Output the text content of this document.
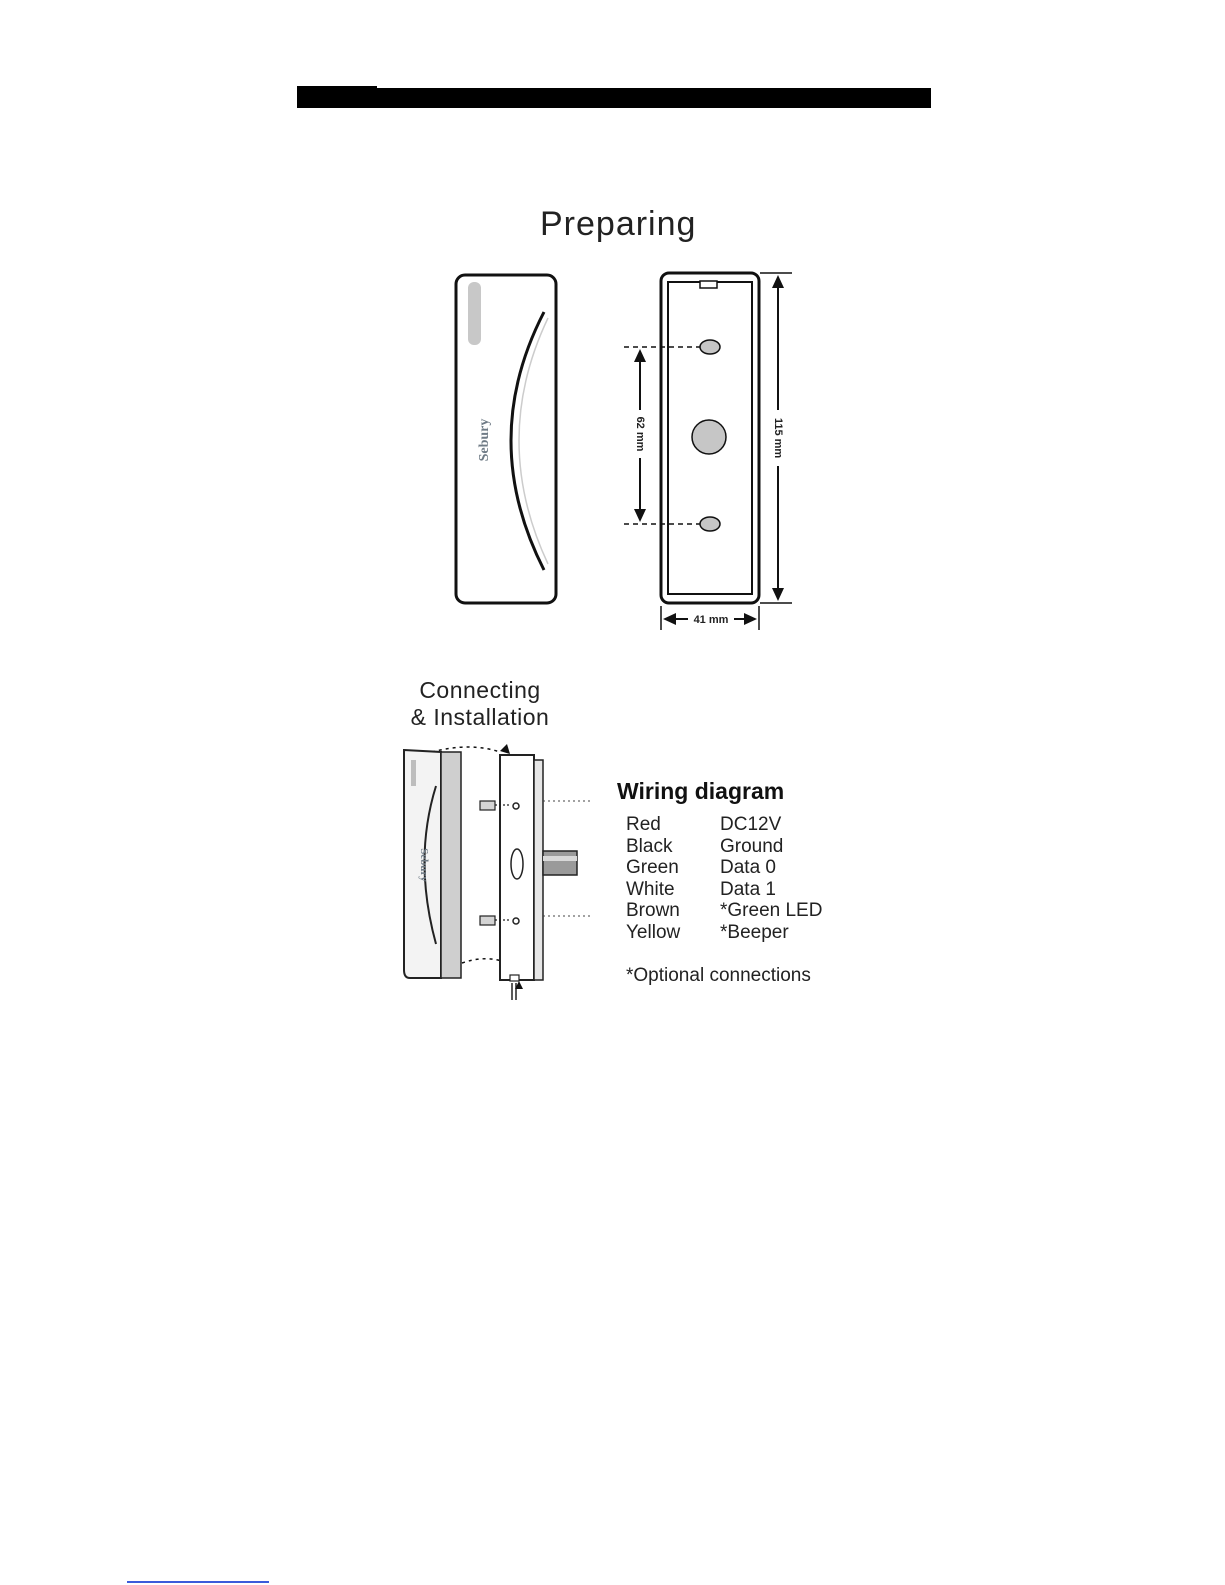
Preparing
Sebury	62 mm	115 mm
41 mm
Sebury
Connecting
& Installation
Wiring diagram
Red	DC12V
Black	Ground
Green	Data 0
White	Data 1
Brown	*Green LED
Yellow	*Beeper
*Optional connections
